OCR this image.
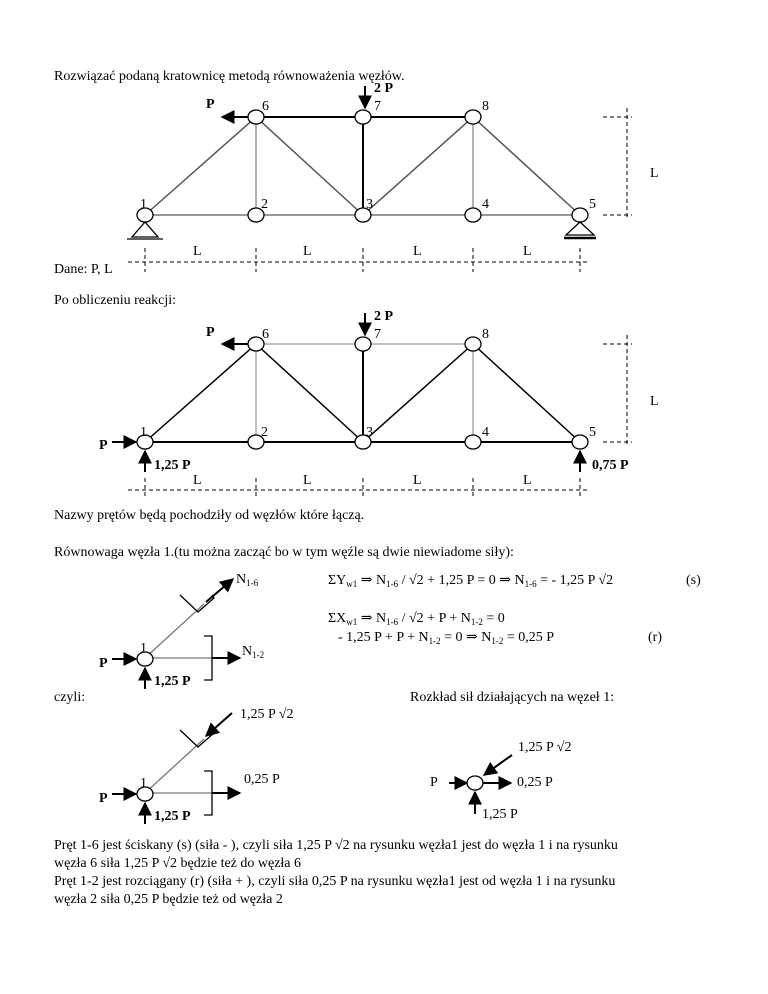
Rozwiązać podaną kratownicę metodą równoważenia węzłów.
Dane: P, L
Po obliczeniu reakcji:
Nazwy prętów będą pochodziły od węzłów które łączą.
Równowaga węzła 1.(tu można zacząć bo w tym węźle są dwie niewiadome siły):
czyli:	Rozkład sił działających na węzeł 1:
Pręt 1-6 jest ściskany (s) (siła - ), czyli siła 1,25 P √2 na rysunku węzła1 jest do węzła 1 i na rysunku
węzła 6 siła 1,25 P √2 będzie też do węzła 6
Pręt 1-2 jest rozciągany (r) (siła + ), czyli siła 0,25 P na rysunku węzła1 jest od węzła 1 i na rysunku
węzła 2 siła 0,25 P będzie też od węzła 2
$\Sigma Y_{w1}$ ⇒ $N_{1-6} / √2 + 1,25$ P = 0 ⇒ $N_{1-6}$ = - 1,25 P √2	(s)
$\Sigma X_{w1}$ ⇒ $N_{1-6} / √2 + P + N_{1-2} = 0$
- 1,25 $P + P + N_{1-2} = 0$ ⇒ $N_{1-2} = 0,25$ P	(r)
2 P
P
1	2	3	4	5
6	7	8
L	L	L	L
L
2 P
P
1	2	3	4	5
6	7	8
P
1,25 P	0,75 P
L	L	L	L
L
$N_{1-6}$
$N_{1-2}$
1
P
1,25 P
1,25 P √2
0,25 P
1
P
1,25 P
1,25 P √2
P	0,25 P
1,25 P
